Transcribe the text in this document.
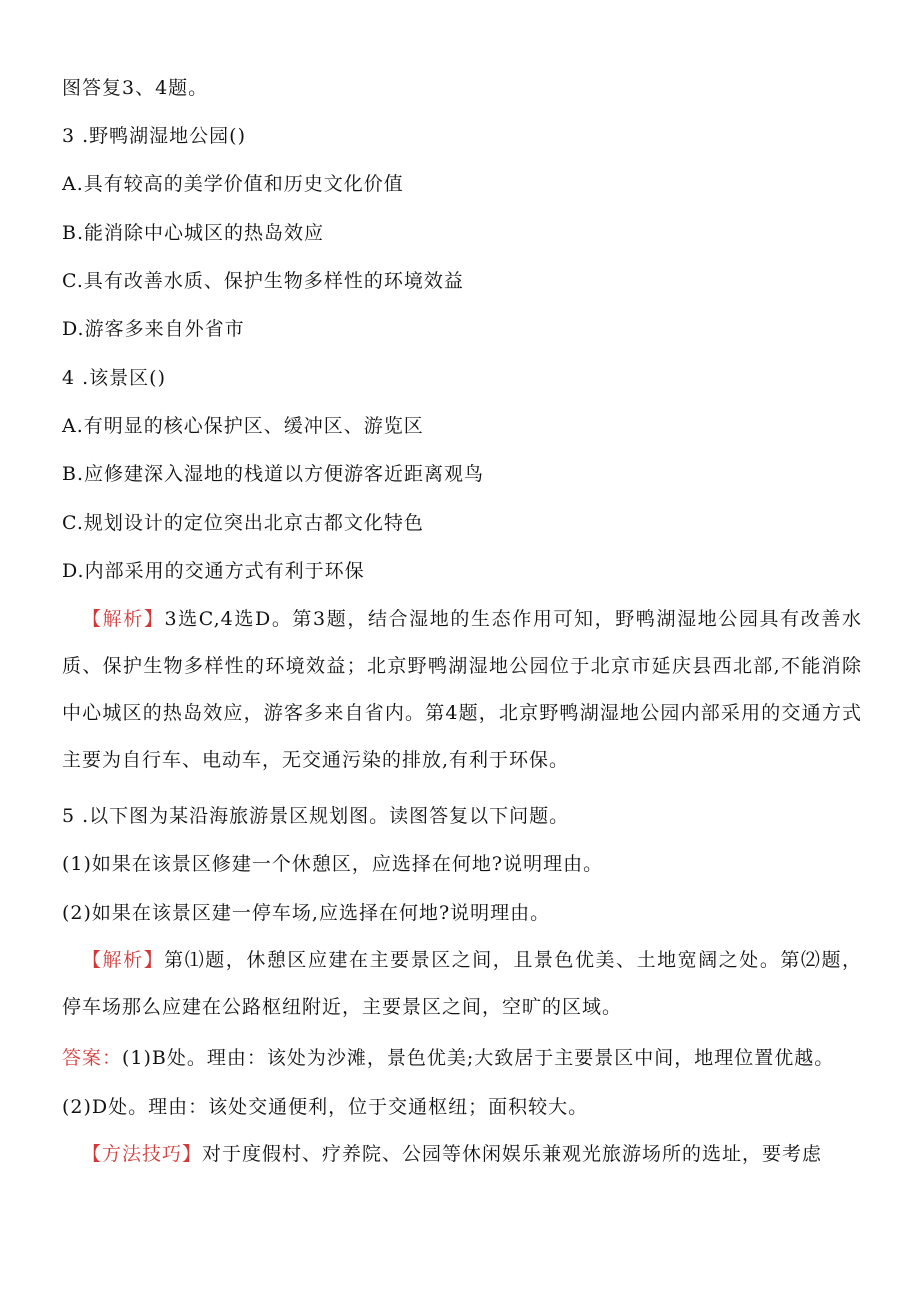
图答复3、4题。
3 .野鸭湖湿地公园()
A.具有较高的美学价值和历史文化价值
B.能消除中心城区的热岛效应
C.具有改善水质、保护生物多样性的环境效益
D.游客多来自外省市
4 .该景区()
A.有明显的核心保护区、缓冲区、游览区
B.应修建深入湿地的栈道以方便游客近距离观鸟
C.规划设计的定位突出北京古都文化特色
D.内部采用的交通方式有利于环保
【解析】3选C,4选D。第3题，结合湿地的生态作用可知，野鸭湖湿地公园具有改善水质、保护生物多样性的环境效益；北京野鸭湖湿地公园位于北京市延庆县西北部,不能消除中心城区的热岛效应，游客多来自省内。第4题，北京野鸭湖湿地公园内部采用的交通方式主要为自行车、电动车，无交通污染的排放,有利于环保。
5 .以下图为某沿海旅游景区规划图。读图答复以下问题。
(1)如果在该景区修建一个休憩区，应选择在何地?说明理由。
(2)如果在该景区建一停车场,应选择在何地?说明理由。
【解析】第⑴题，休憩区应建在主要景区之间，且景色优美、土地宽阔之处。第⑵题，停车场那么应建在公路枢纽附近，主要景区之间，空旷的区域。
答案：(1)B处。理由：该处为沙滩，景色优美;大致居于主要景区中间，地理位置优越。
(2)D处。理由：该处交通便利，位于交通枢纽；面积较大。
【方法技巧】对于度假村、疗养院、公园等休闲娱乐兼观光旅游场所的选址，要考虑
